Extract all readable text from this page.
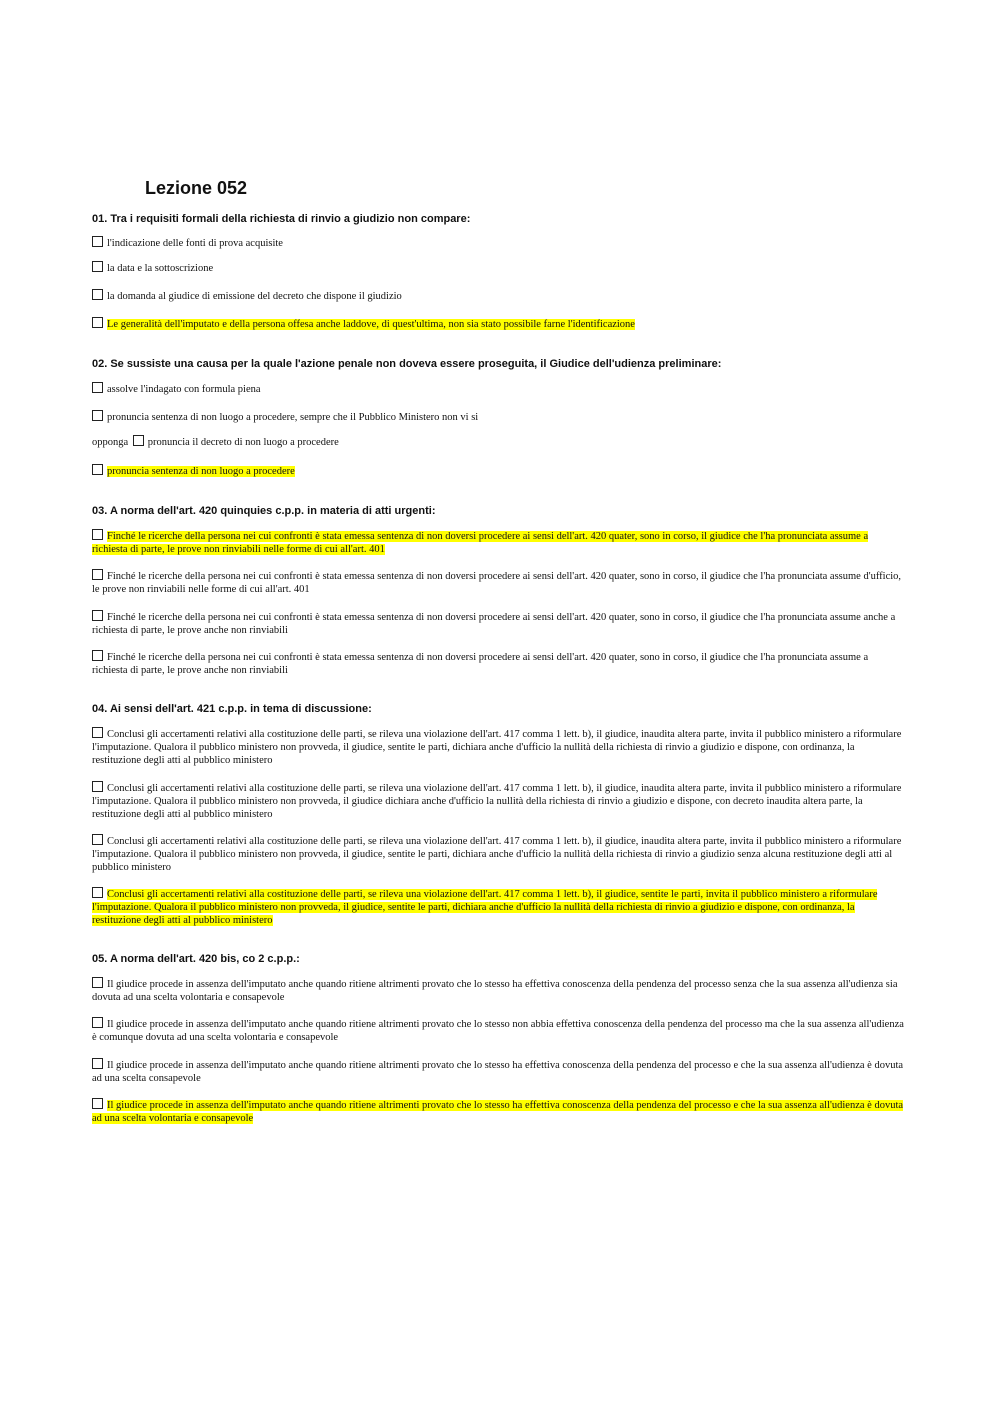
Lezione 052
01. Tra i requisiti formali della richiesta di rinvio a giudizio non compare:
l'indicazione delle fonti di prova acquisite
la data e la sottoscrizione
la domanda al giudice di emissione del decreto che dispone il giudizio
Le generalità dell'imputato e della persona offesa anche laddove, di quest'ultima, non sia stato possibile farne l'identificazione
02. Se sussiste una causa per la quale l'azione penale non doveva essere proseguita, il Giudice dell'udienza preliminare:
assolve l'indagato con formula piena
pronuncia sentenza di non luogo a procedere, sempre che il Pubblico Ministero non vi si
opponga pronuncia il decreto di non luogo a procedere
pronuncia sentenza di non luogo a procedere
03. A norma dell'art. 420 quinquies c.p.p. in materia di atti urgenti:
Finché le ricerche della persona nei cui confronti è stata emessa sentenza di non doversi procedere ai sensi dell'art. 420 quater, sono in corso, il giudice che l'ha pronunciata assume a richiesta di parte, le prove non rinviabili nelle forme di cui all'art. 401
Finché le ricerche della persona nei cui confronti è stata emessa sentenza di non doversi procedere ai sensi dell'art. 420 quater, sono in corso, il giudice che l'ha pronunciata assume d'ufficio, le prove non rinviabili nelle forme di cui all'art. 401
Finché le ricerche della persona nei cui confronti è stata emessa sentenza di non doversi procedere ai sensi dell'art. 420 quater, sono in corso, il giudice che l'ha pronunciata assume anche a richiesta di parte, le prove anche non rinviabili
Finché le ricerche della persona nei cui confronti è stata emessa sentenza di non doversi procedere ai sensi dell'art. 420 quater, sono in corso, il giudice che l'ha pronunciata assume a richiesta di parte, le prove anche non rinviabili
04. Ai sensi dell'art. 421 c.p.p. in tema di discussione:
Conclusi gli accertamenti relativi alla costituzione delle parti, se rileva una violazione dell'art. 417 comma 1 lett. b), il giudice, inaudita altera parte, invita il pubblico ministero a riformulare l'imputazione. Qualora il pubblico ministero non provveda, il giudice, sentite le parti, dichiara anche d'ufficio la nullità della richiesta di rinvio a giudizio e dispone, con ordinanza, la restituzione degli atti al pubblico ministero
Conclusi gli accertamenti relativi alla costituzione delle parti, se rileva una violazione dell'art. 417 comma 1 lett. b), il giudice, inaudita altera parte, invita il pubblico ministero a riformulare l'imputazione. Qualora il pubblico ministero non provveda, il giudice dichiara anche d'ufficio la nullità della richiesta di rinvio a giudizio e dispone, con decreto inaudita altera parte, la restituzione degli atti al pubblico ministero
Conclusi gli accertamenti relativi alla costituzione delle parti, se rileva una violazione dell'art. 417 comma 1 lett. b), il giudice, inaudita altera parte, invita il pubblico ministero a riformulare l'imputazione. Qualora il pubblico ministero non provveda, il giudice, sentite le parti, dichiara anche d'ufficio la nullità della richiesta di rinvio a giudizio senza alcuna restituzione degli atti al pubblico ministero
Conclusi gli accertamenti relativi alla costituzione delle parti, se rileva una violazione dell'art. 417 comma 1 lett. b), il giudice, sentite le parti, invita il pubblico ministero a riformulare l'imputazione. Qualora il pubblico ministero non provveda, il giudice, sentite le parti, dichiara anche d'ufficio la nullità della richiesta di rinvio a giudizio e dispone, con ordinanza, la restituzione degli atti al pubblico ministero
05. A norma dell'art. 420 bis, co 2 c.p.p.:
Il giudice procede in assenza dell'imputato anche quando ritiene altrimenti provato che lo stesso ha effettiva conoscenza della pendenza del processo senza che la sua assenza all'udienza sia dovuta ad una scelta volontaria e consapevole
Il giudice procede in assenza dell'imputato anche quando ritiene altrimenti provato che lo stesso non abbia effettiva conoscenza della pendenza del processo ma che la sua assenza all'udienza è comunque dovuta ad una scelta volontaria e consapevole
Il giudice procede in assenza dell'imputato anche quando ritiene altrimenti provato che lo stesso ha effettiva conoscenza della pendenza del processo e che la sua assenza all'udienza è dovuta ad una scelta consapevole
Il giudice procede in assenza dell'imputato anche quando ritiene altrimenti provato che lo stesso ha effettiva conoscenza della pendenza del processo e che la sua assenza all'udienza è dovuta ad una scelta volontaria e consapevole
